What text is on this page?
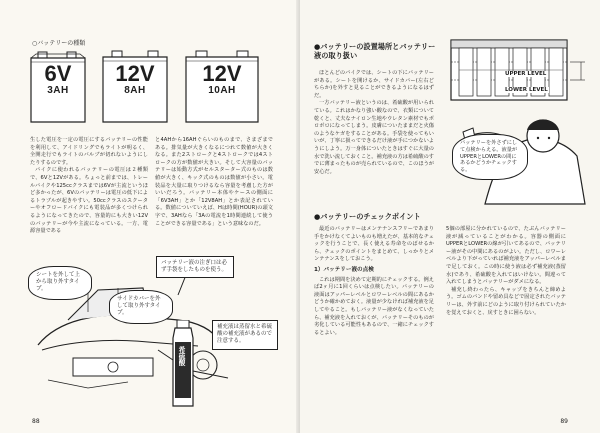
○バッテリーの種類
6V
3AH
12V
8AH
12V
10AH

生した電圧を一定の電圧にするバッテリーの性能を利用して、アイドリングでもライトが明るく、全開走行でもライトのバルブが切れないようにしたりするのです。

バイクに使われるバッテリーの電圧は２種類で、6Vと12Vがある。ちょっと前までは、トレールバイクや125ccクラスまでは6Vが主流というほど多かったが、6Vのバッテリーは電圧の低下によるトラブルが起きやすい。50ccクラスのスクーターやオフロードバイクにも電装品が多くつけられるようになってきたので、容量的にも大きい12Vのバッテリーが今や主流になっている。一方、電源容量である

と4AHから16AHぐらいのものまで、さまざまである。排気量が大きくなるにつれて数値が大きくなる。また2ストロークと4ストロークでは4ストロークの方が数値が大きい。そして大容量のバッテリーは始動方式がセルスターター式のものは数値が大きく、キック式のものは数値が小さい。電装品を大量に取りつけるなら容量を考慮した方がいいだろう。バッテリー本体やケースの側面に「6V3AH」とか「12V8AH」とか表記されている。数値についていえば、Hは時間(HOUR)の頭文字で、3AHなら「3Aの電流を1時間連続して使うことができる容量である」という意味なのだ。

希硫酸
シートを外して上から取り外すタイプ。
サイドカバーを外して取り外すタイプ。
バッテリー液の注ぎ口は必ず手袋をしたものを使う。
補充液は蒸留水と希硫酸の補充液があるので注意する。
88
●バッテリーの設置場所とバッテリー液の取り扱い

ほとんどのバイクでは、シートの下にバッテリーがある。シートを開けるか、サイドカバー(左右どちらか)を外すと見ることができるようになるはずだ。

一方バッテリー液というのは、希硫酸が用いられている。これはかなり強い酸なので、衣類について乾くと、丈夫なナイロン生地やウレタン素材でもボロボロになってしまう。皮膚についたままだと火傷のようなケガをすることがある。手袋を使ってもいいが、丁寧に扱ってできるだけ液が手につかないようにしよう。万一身体についたときはすぐに大量の水で洗い流しておくこと。補充液の方は希硫酸のすでに薄まったものが売られているので、このほうが安心だ。

UPPER LEVEL
LOWER LEVEL
バッテリーを外さずにして点検からえる。液量がUPPERとLOWERの間にあるかどうかチェックする。
●バッテリーのチェックポイント

最近のバッテリーはメンテナンスフリーであまり手をかけなくてよいものも増えたが、基本的なチェックを行うことで、長く使える寿命をのばせるから、チェックのポイントをまとめて、しっかりとメンテナンスをしておこう。

1）バッテリー液の点検

これは期間を決めて定期的にチェックする。例えば2ヶ月に1回くらいは点検したい。バッテリーの液面はアッパーレベルとロワーレベルの間にあるかどうか確かめておく。液量が少なければ補充液を足してやること。もしバッテリー液がなくなっていたら、補充液を入れておくが、バッテリーそのものが劣化している可能性もあるので、一緒にチェックするとよい。

5個の部屋に分かれているので、たぶんバッテリー液が減っていることがわかる。容器の側面にUPPERとLOWERの線が引いてあるので、バッテリー液がその中間にあるのがよい。ただし、ロワーレベルより下がっていれば補充液をアッパーレベルまで足しておく。この時に使う液は必ず補充液(蒸留水)であり、希硫酸を入れてはいけない。間違って入れてしまうとバッテリーがダメになる。

補充し終わったら、キャップをきちんと締めよう。ゴムのバンドや留め具などで固定されたバッテリーは、外す前にどのように取り付けられていたかを覚えておくと、戻すときに困らない。

89
